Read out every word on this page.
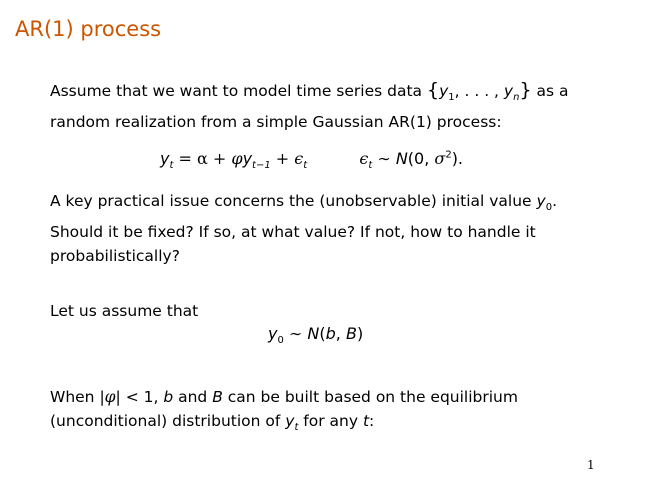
AR(1) process
Assume that we want to model time series data {$y_1$, . . . , $y_n$} as a
random realization from a simple Gaussian AR(1) process:
$y_t = \alpha + \varphi y_{t-1} + \epsilon_t$	$\epsilon_t$ ∼ N(0, $\sigma^2$).
A key practical issue concerns the (unobservable) initial value $y_0$.
Should it be fixed? If so, at what value? If not, how to handle it
probabilistically?
Let us assume that
$y_0$ ∼ N(b, B)
When |φ| < 1, b and B can be built based on the equilibrium
(unconditional) distribution of $y_t$ for any t:
1
